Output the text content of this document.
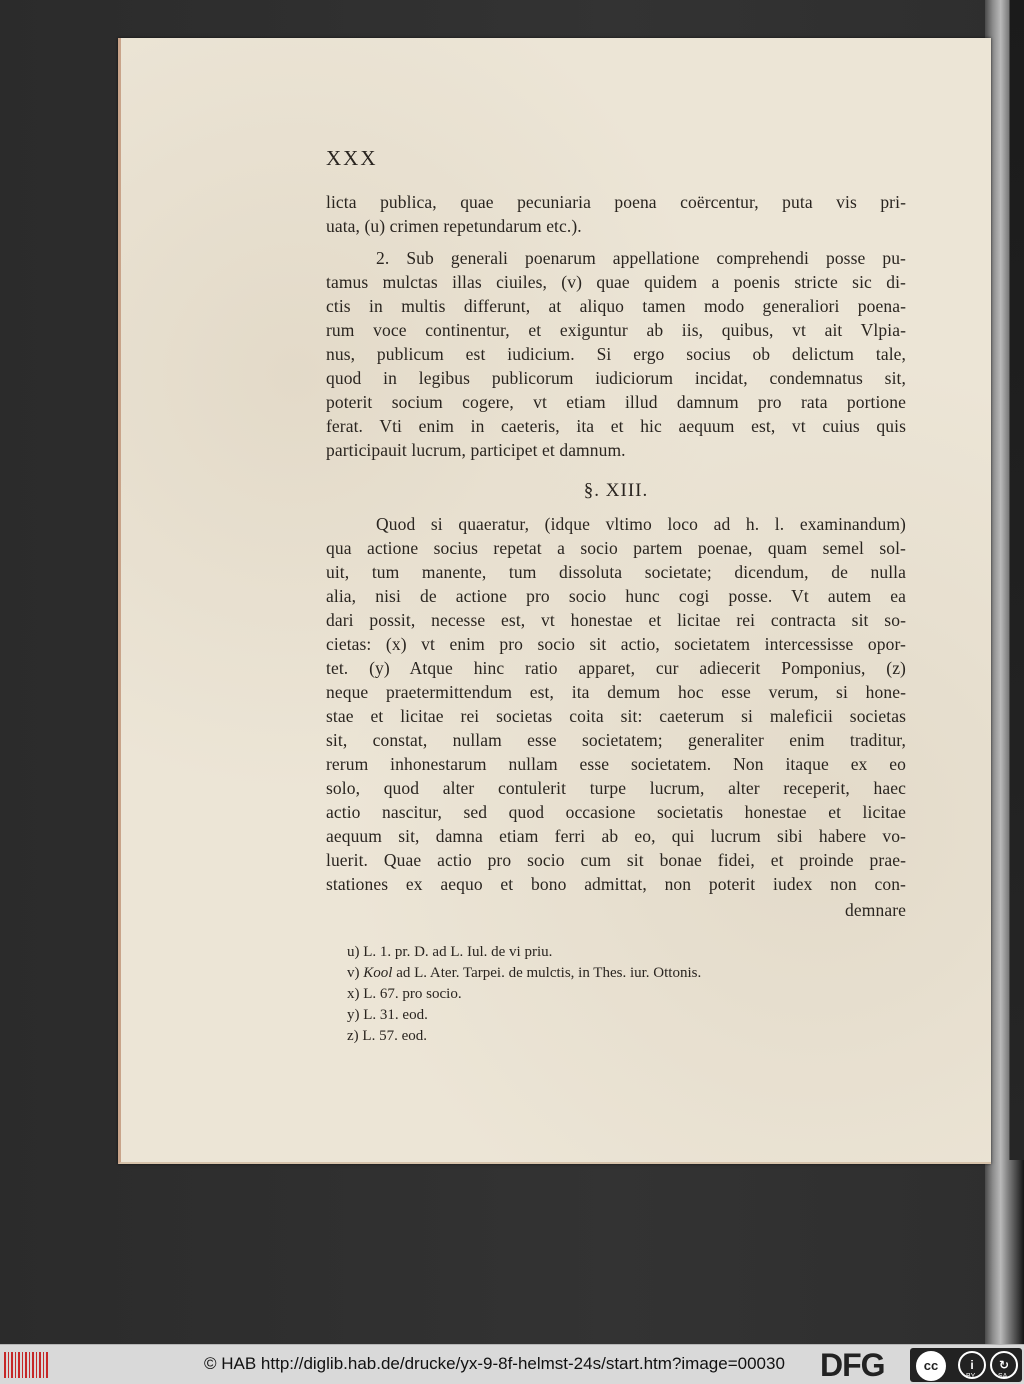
XXX
licta publica, quae pecuniaria poena coërcentur, puta vis pri-
uata, (u) crimen repetundarum etc.).
2. Sub generali poenarum appellatione comprehendi posse pu-
tamus mulctas illas ciuiles, (v) quae quidem a poenis stricte sic di-
ctis in multis differunt, at aliquo tamen modo generaliori poena-
rum voce continentur, et exiguntur ab iis, quibus, vt ait Vlpia-
nus, publicum est iudicium. Si ergo socius ob delictum tale,
quod in legibus publicorum iudiciorum incidat, condemnatus sit,
poterit socium cogere, vt etiam illud damnum pro rata portione
ferat. Vti enim in caeteris, ita et hic aequum est, vt cuius quis
participauit lucrum, participet et damnum.
§. XIII.
Quod si quaeratur, (idque vltimo loco ad h. l. examinandum)
qua actione socius repetat a socio partem poenae, quam semel sol-
uit, tum manente, tum dissoluta societate; dicendum, de nulla
alia, nisi de actione pro socio hunc cogi posse. Vt autem ea
dari possit, necesse est, vt honestae et licitae rei contracta sit so-
cietas: (x) vt enim pro socio sit actio, societatem intercessisse opor-
tet. (y) Atque hinc ratio apparet, cur adiecerit Pomponius, (z)
neque praetermittendum est, ita demum hoc esse verum, si hone-
stae et licitae rei societas coita sit: caeterum si maleficii societas
sit, constat, nullam esse societatem; generaliter enim traditur,
rerum inhonestarum nullam esse societatem. Non itaque ex eo
solo, quod alter contulerit turpe lucrum, alter receperit, haec
actio nascitur, sed quod occasione societatis honestae et licitae
aequum sit, damna etiam ferri ab eo, qui lucrum sibi habere vo-
luerit. Quae actio pro socio cum sit bonae fidei, et proinde prae-
stationes ex aequo et bono admittat, non poterit iudex non con-
demnare
u) L. 1. pr. D. ad L. Iul. de vi priu.
v) Kool ad L. Ater. Tarpei. de mulctis, in Thes. iur. Ottonis.
x) L. 67. pro socio.
y) L. 31. eod.
z) L. 57. eod.
© HAB http://diglib.hab.de/drucke/yx-9-8f-helmst-24s/start.htm?image=00030 DFG	cc	i	↻
BY	SA
